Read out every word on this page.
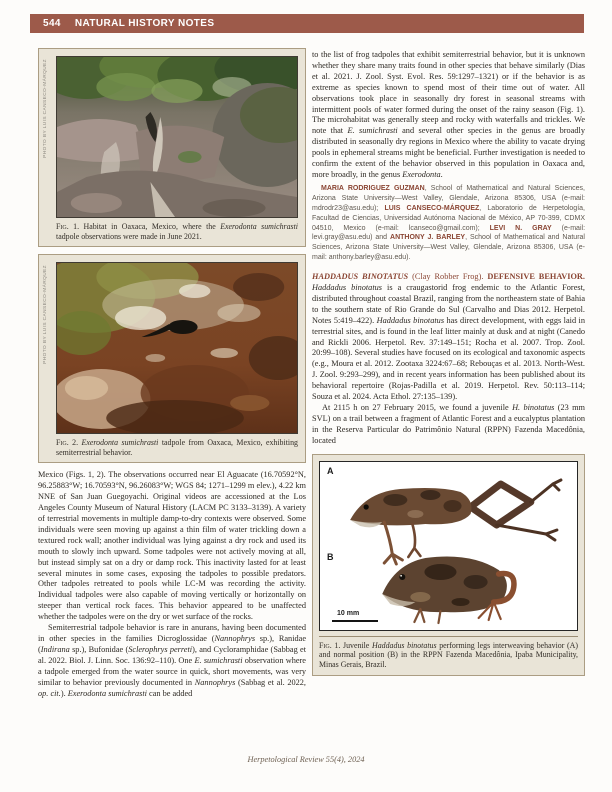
544 NATURAL HISTORY NOTES
PHOTO BY LUIS CANSECO-MÁRQUEZ
Fig. 1. Habitat in Oaxaca, Mexico, where the Exerodonta sumichrasti tadpole observations were made in June 2021.
PHOTO BY LUIS CANSECO-MÁRQUEZ
Fig. 2. Exerodonta sumichrasti tadpole from Oaxaca, Mexico, exhibiting semiterrestrial behavior.

Mexico (Figs. 1, 2). The observations occurred near El Aguacate (16.70592°N, 96.25883°W; 16.70593°N, 96.26083°W; WGS 84; 1271–1299 m elev.), 4.22 km NNE of San Juan Guegoyachi. Original videos are accessioned at the Los Angeles County Museum of Natural History (LACM PC 3133–3139). A variety of terrestrial movements in multiple damp-to-dry contexts were observed. Some individuals were seen moving up against a thin film of water trickling down a textured rock wall; another individual was lying against a dry rock and used its mouth to slowly inch upward. Some tadpoles were not actively moving at all, but instead simply sat on a dry or damp rock. This inactivity lasted for at least several minutes in some cases, exposing the tadpoles to possible predators. Other tadpoles retreated to pools while LC-M was recording the activity. Individual tadpoles were also capable of moving vertically or horizontally on steeper than vertical rock faces. This behavior appeared to be unaffected whether the tadpoles were on the dry or wet surface of the rocks.

Semiterrestrial tadpole behavior is rare in anurans, having been documented in other species in the families Dicroglossidae (Nannophrys sp.), Ranidae (Indirana sp.), Bufonidae (Sclerophrys perreti), and Cycloramphidae (Sabbag et al. 2022. Biol. J. Linn. Soc. 136:92–110). One E. sumichrasti observation where a tadpole emerged from the water source in quick, short movements, was very similar to behavior previously documented in Nannophrys (Sabbag et al. 2022, op. cit.). Exerodonta sumichrasti can be added

to the list of frog tadpoles that exhibit semiterrestrial behavior, but it is unknown whether they share many traits found in other species that behave similarly (Dias et al. 2021. J. Zool. Syst. Evol. Res. 59:1297–1321) or if the behavior is as extreme as species known to spend most of their time out of water. All observations took place in seasonally dry forest in seasonal streams with intermittent pools of water formed during the onset of the rainy season (Fig. 1). The microhabitat was generally steep and rocky with waterfalls and trickles. We note that E. sumichrasti and several other species in the genus are broadly distributed in seasonally dry regions in Mexico where the ability to vacate drying pools in ephemeral streams might be beneficial. Further investigation is needed to confirm the extent of the behavior observed in this population in Oaxaca and, more broadly, in the genus Exerodonta.

MARIA RODRIGUEZ GUZMAN, School of Mathematical and Natural Sciences, Arizona State University—West Valley, Glendale, Arizona 85306, USA (e-mail: mdrodr23@asu.edu); LUIS CANSECO-MÁRQUEZ, Laboratorio de Herpetología, Facultad de Ciencias, Universidad Autónoma Nacional de México, AP 70-399, CDMX 04510, Mexico (e-mail: lcanseco@gmail.com); LEVI N. GRAY (e-mail: levi.gray@asu.edu) and ANTHONY J. BARLEY, School of Mathematical and Natural Sciences, Arizona State University—West Valley, Glendale, Arizona 85306, USA (e-mail: anthony.barley@asu.edu).

HADDADUS BINOTATUS (Clay Robber Frog). DEFENSIVE BEHAVIOR. Haddadus binotatus is a craugastorid frog endemic to the Atlantic Forest, distributed throughout coastal Brazil, ranging from the northeastern state of Bahia to the southern state of Rio Grande do Sul (Carvalho and Dias 2012. Herpetol. Notes 5:419–422). Haddadus binotatus has direct development, with eggs laid in terrestrial sites, and is found in the leaf litter mainly at dusk and at night (Canedo and Rickli 2006. Herpetol. Rev. 37:149–151; Rocha et al. 2007. Trop. Zool. 20:99–108). Several studies have focused on its ecological and taxonomic aspects (e.g., Moura et al. 2012. Zootaxa 3224:67–68; Rebouças et al. 2013. North-West. J. Zool. 9:293–299), and in recent years information has been published about its behavioral repertoire (Rojas-Padilla et al. 2019. Herpetol. Rev. 50:113–114; Souza et al. 2024. Acta Ethol. 27:135–139).

At 2115 h on 27 February 2015, we found a juvenile H. binotatus (23 mm SVL) on a trail between a fragment of Atlantic Forest and a eucalyptus plantation in the Reserva Particular do Patrimônio Natural (RPPN) Fazenda Macedônia, located

A
B
10 mm
Fig. 1. Juvenile Haddadus binotatus performing legs interweaving behavior (A) and normal position (B) in the RPPN Fazenda Macedônia, Ipaba Municipality, Minas Gerais, Brazil.
Herpetological Review 55(4), 2024
